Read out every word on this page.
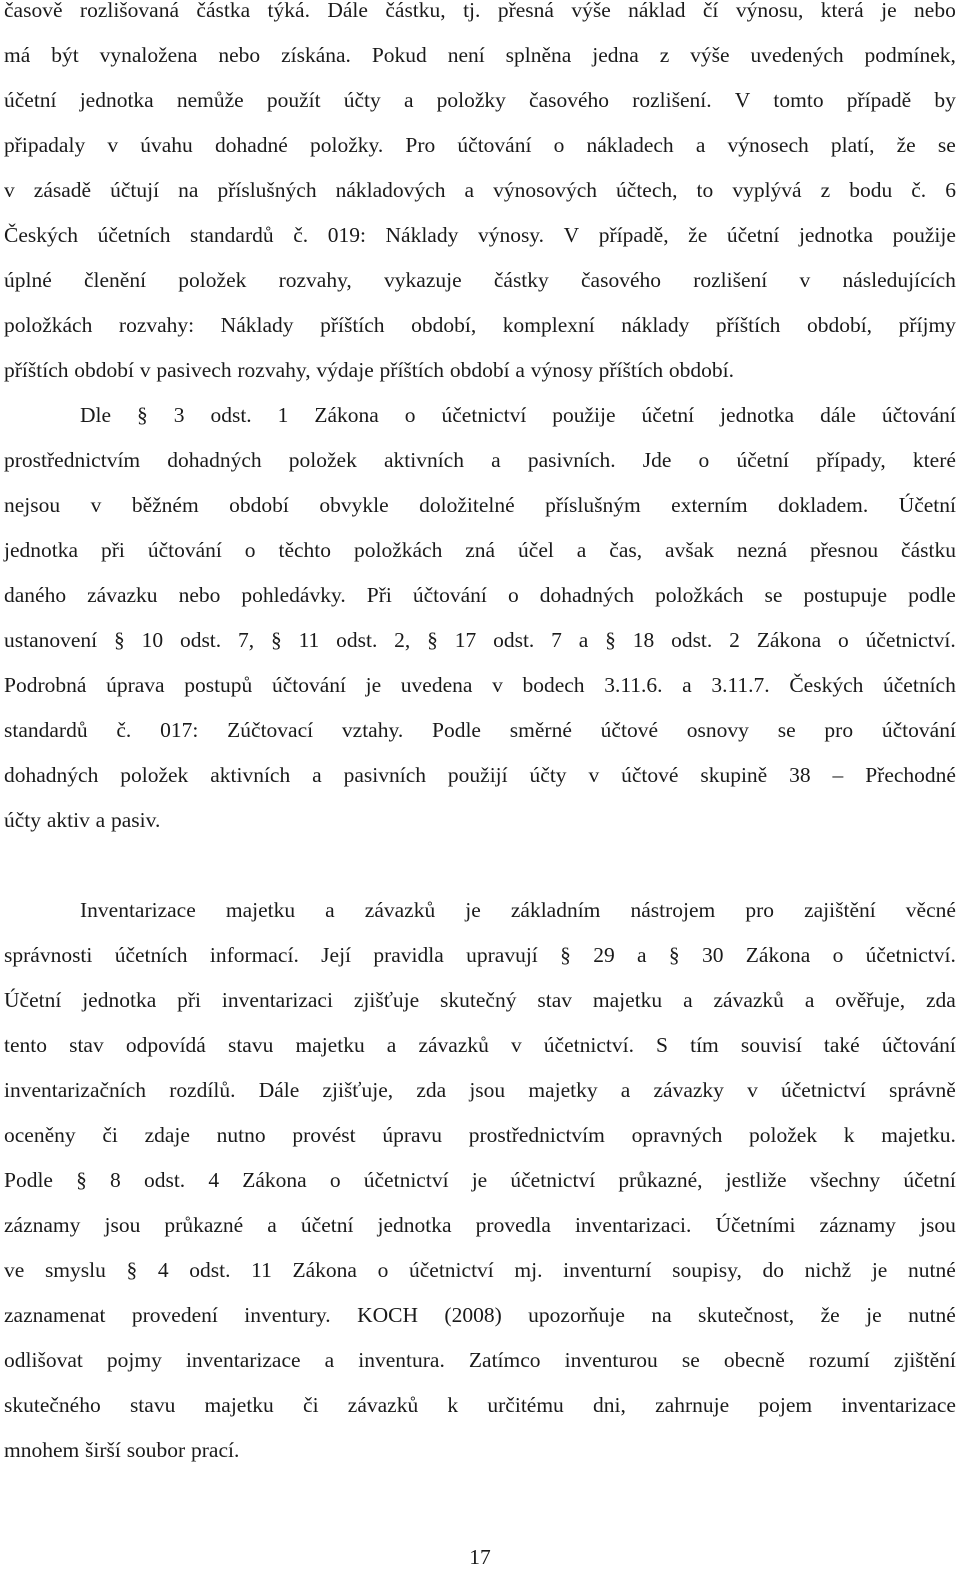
časově rozlišovaná částka týká. Dále částku, tj. přesná výše náklad čí výnosu, která je nebo
má být vynaložena nebo získána. Pokud není splněna jedna z výše uvedených podmínek,
účetní jednotka nemůže použít účty a položky časového rozlišení. V tomto případě by
připadaly v úvahu dohadné položky. Pro účtování o nákladech a výnosech platí, že se
v zásadě účtují na příslušných nákladových a výnosových účtech, to vyplývá z bodu č. 6
Českých účetních standardů č. 019: Náklady výnosy. V případě, že účetní jednotka použije
úplné členění položek rozvahy, vykazuje částky časového rozlišení v následujících
položkách rozvahy: Náklady příštích období, komplexní náklady příštích období, příjmy
příštích období v pasivech rozvahy, výdaje příštích období a výnosy příštích období.
Dle § 3 odst. 1 Zákona o účetnictví použije účetní jednotka dále účtování
prostřednictvím dohadných položek aktivních a pasivních. Jde o účetní případy, které
nejsou v běžném období obvykle doložitelné příslušným externím dokladem. Účetní
jednotka při účtování o těchto položkách zná účel a čas, avšak nezná přesnou částku
daného závazku nebo pohledávky. Při účtování o dohadných položkách se postupuje podle
ustanovení § 10 odst. 7, § 11 odst. 2, § 17 odst. 7 a § 18 odst. 2 Zákona o účetnictví.
Podrobná úprava postupů účtování je uvedena v bodech 3.11.6. a 3.11.7. Českých účetních
standardů č. 017: Zúčtovací vztahy. Podle směrné účtové osnovy se pro účtování
dohadných položek aktivních a pasivních použijí účty v účtové skupině 38 – Přechodné
účty aktiv a pasiv.
Inventarizace majetku a závazků je základním nástrojem pro zajištění věcné
správnosti účetních informací. Její pravidla upravují § 29 a § 30 Zákona o účetnictví.
Účetní jednotka při inventarizaci zjišťuje skutečný stav majetku a závazků a ověřuje, zda
tento stav odpovídá stavu majetku a závazků v účetnictví. S tím souvisí také účtování
inventarizačních rozdílů. Dále zjišťuje, zda jsou majetky a závazky v účetnictví správně
oceněny či zdaje nutno provést úpravu prostřednictvím opravných položek k majetku.
Podle § 8 odst. 4 Zákona o účetnictví je účetnictví průkazné, jestliže všechny účetní
záznamy jsou průkazné a účetní jednotka provedla inventarizaci. Účetními záznamy jsou
ve smyslu § 4 odst. 11 Zákona o účetnictví mj. inventurní soupisy, do nichž je nutné
zaznamenat provedení inventury. KOCH (2008) upozorňuje na skutečnost, že je nutné
odlišovat pojmy inventarizace a inventura. Zatímco inventurou se obecně rozumí zjištění
skutečného stavu majetku či závazků k určitému dni, zahrnuje pojem inventarizace
mnohem širší soubor prací.
17
